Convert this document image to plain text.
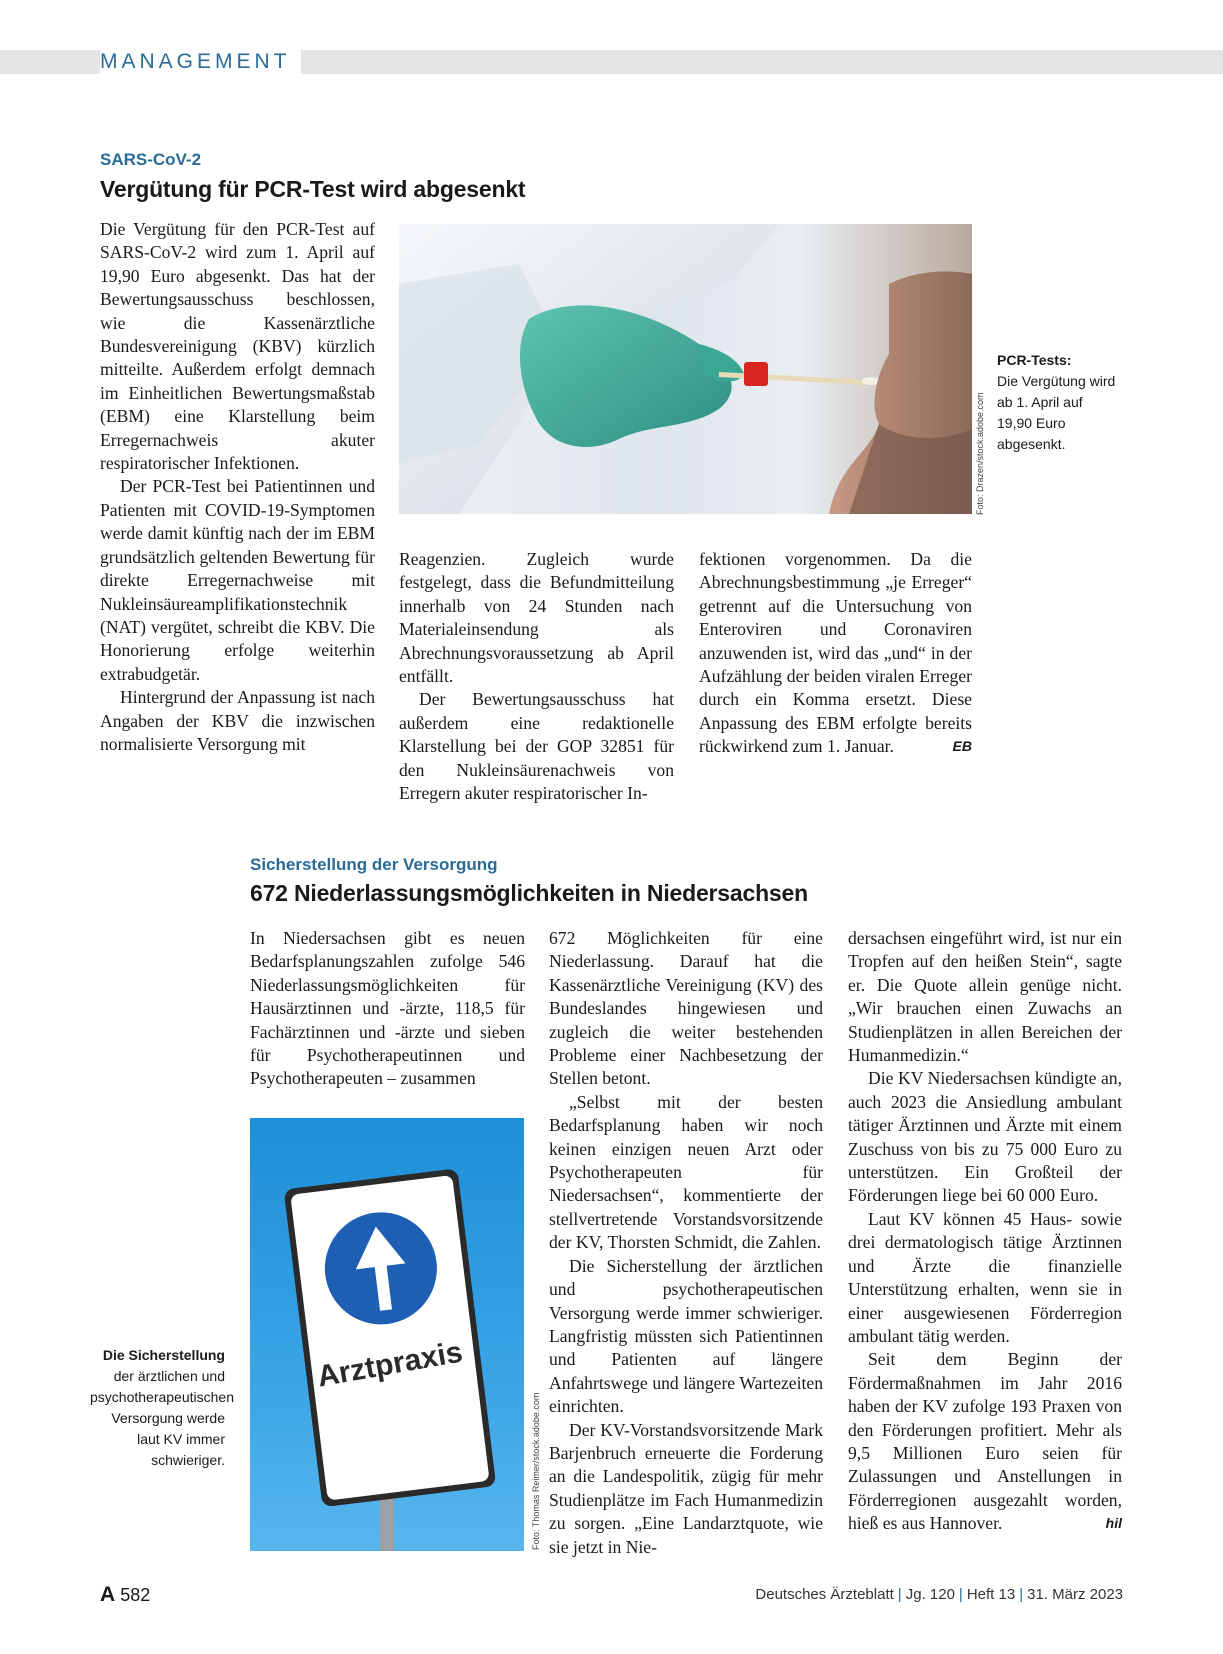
MANAGEMENT
SARS-CoV-2
Vergütung für PCR-Test wird abgesenkt

Die Vergütung für den PCR-Test auf SARS-CoV-2 wird zum 1. April auf 19,90 Euro abgesenkt. Das hat der Bewertungsausschuss beschlossen, wie die Kassenärztliche Bundesvereinigung (KBV) kürzlich mitteilte. Außerdem erfolgt demnach im Einheitlichen Bewertungsmaßstab (EBM) eine Klarstellung beim Erregernachweis akuter respiratorischer Infektionen.

Der PCR-Test bei Patientinnen und Patienten mit COVID-19-Symptomen werde damit künftig nach der im EBM grundsätzlich geltenden Bewertung für direkte Erregernachweise mit Nukleinsäureamplifikationstechnik (NAT) vergütet, schreibt die KBV. Die Honorierung erfolge weiterhin extrabudgetär.

Hintergrund der Anpassung ist nach Angaben der KBV die inzwischen normalisierte Versorgung mit

Foto: Drazen/stock.adobe.com
PCR-Tests:
Die Vergütung wird ab 1. April auf 19,90 Euro abgesenkt.

Reagenzien. Zugleich wurde festgelegt, dass die Befundmitteilung innerhalb von 24 Stunden nach Materialeinsendung als Abrechnungsvoraussetzung ab April entfällt.

Der Bewertungsausschuss hat außerdem eine redaktionelle Klarstellung bei der GOP 32851 für den Nukleinsäurenachweis von Erregern akuter respiratorischer In-

fektionen vorgenommen. Da die Abrechnungsbestimmung „je Erreger“ getrennt auf die Untersuchung von Enteroviren und Coronaviren anzuwenden ist, wird das „und“ in der Aufzählung der beiden viralen Erreger durch ein Komma ersetzt. Diese Anpassung des EBM erfolgte bereits rückwirkend zum 1. Januar.	EB

Sicherstellung der Versorgung
672 Niederlassungsmöglichkeiten in Niedersachsen

In Niedersachsen gibt es neuen Bedarfsplanungszahlen zufolge 546 Niederlassungsmöglichkeiten für Hausärztinnen und -ärzte, 118,5 für Fachärztinnen und -ärzte und sieben für Psychotherapeutinnen und Psychotherapeuten – zusammen

Arztpraxis
Foto: Thomas Reimer/stock.adobe.com
Die Sicherstellung
der ärztlichen und psychotherapeutischen Versorgung werde laut KV immer schwieriger.

672 Möglichkeiten für eine Niederlassung. Darauf hat die Kassenärztliche Vereinigung (KV) des Bundeslandes hingewiesen und zugleich die weiter bestehenden Probleme einer Nachbesetzung der Stellen betont.

„Selbst mit der besten Bedarfsplanung haben wir noch keinen einzigen neuen Arzt oder Psychotherapeuten für Niedersachsen“, kommentierte der stellvertretende Vorstandsvorsitzende der KV, Thorsten Schmidt, die Zahlen.

Die Sicherstellung der ärztlichen und psychotherapeutischen Versorgung werde immer schwieriger. Langfristig müssten sich Patientinnen und Patienten auf längere Anfahrtswege und längere Wartezeiten einrichten.

Der KV-Vorstandsvorsitzende Mark Barjenbruch erneuerte die Forderung an die Landespolitik, zügig für mehr Studienplätze im Fach Humanmedizin zu sorgen. „Eine Landarztquote, wie sie jetzt in Nie-

dersachsen eingeführt wird, ist nur ein Tropfen auf den heißen Stein“, sagte er. Die Quote allein genüge nicht. „Wir brauchen einen Zuwachs an Studienplätzen in allen Bereichen der Humanmedizin.“

Die KV Niedersachsen kündigte an, auch 2023 die Ansiedlung ambulant tätiger Ärztinnen und Ärzte mit einem Zuschuss von bis zu 75 000 Euro zu unterstützen. Ein Großteil der Förderungen liege bei 60 000 Euro.

Laut KV können 45 Haus- sowie drei dermatologisch tätige Ärztinnen und Ärzte die finanzielle Unterstützung erhalten, wenn sie in einer ausgewiesenen Förderregion ambulant tätig werden.

Seit dem Beginn der Fördermaßnahmen im Jahr 2016 haben der KV zufolge 193 Praxen von den Förderungen profitiert. Mehr als 9,5 Millionen Euro seien für Zulassungen und Anstellungen in Förderregionen ausgezahlt worden, hieß es aus Hannover.	hil

A 582	Deutsches Ärzteblatt | Jg. 120 | Heft 13 | 31. März 2023
